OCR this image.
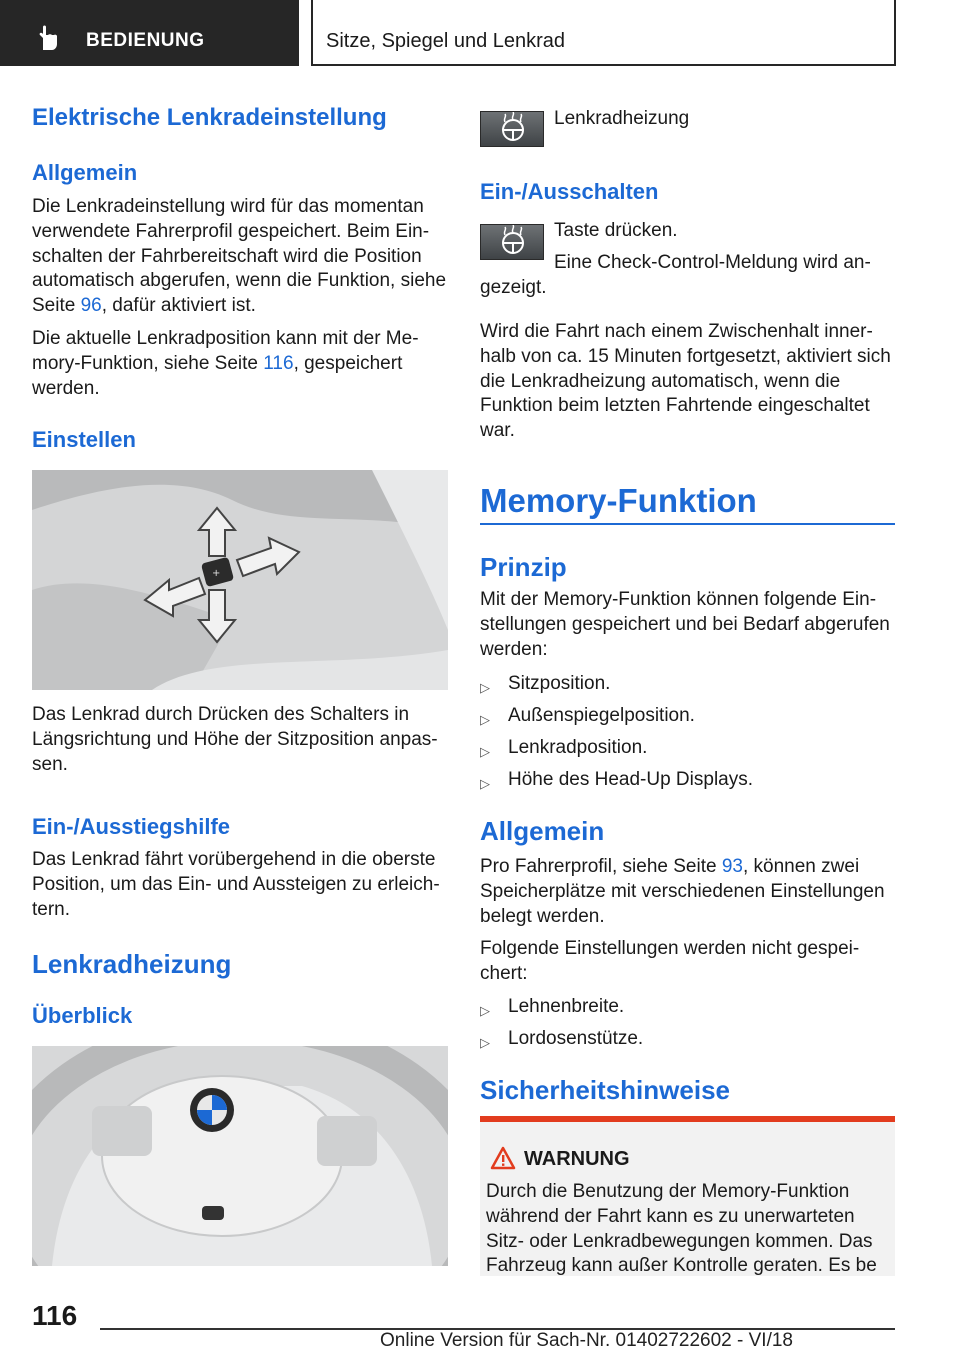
BEDIENUNG	Sitze, Spiegel und Lenkrad
Elektrische Lenkradeinstellung
Allgemein
Die Lenkradeinstellung wird für das momentan verwendete Fahrerprofil gespeichert. Beim Einschalten der Fahrbereitschaft wird die Position automatisch abgerufen, wenn die Funktion, siehe Seite 96, dafür aktiviert ist.
Die aktuelle Lenkradposition kann mit der Memory-Funktion, siehe Seite 116, gespeichert werden.
Einstellen
+
Das Lenkrad durch Drücken des Schalters in Längsrichtung und Höhe der Sitzposition anpassen.
Ein-/Ausstiegshilfe
Das Lenkrad fährt vorübergehend in die oberste Position, um das Ein- und Aussteigen zu erleichtern.
Lenkradheizung
Überblick
Lenkradheizung
Ein-/Ausschalten
Taste drücken.
Eine Check-Control-Meldung wird angezeigt.
Wird die Fahrt nach einem Zwischenhalt innerhalb von ca. 15 Minuten fortgesetzt, aktiviert sich die Lenkradheizung automatisch, wenn die Funktion beim letzten Fahrtende eingeschaltet war.
Memory-Funktion
Prinzip
Mit der Memory-Funktion können folgende Einstellungen gespeichert und bei Bedarf abgerufen werden:
▷ Sitzposition.
▷ Außenspiegelposition.
▷ Lenkradposition.
▷ Höhe des Head-Up Displays.
Allgemein
Pro Fahrerprofil, siehe Seite 93, können zwei Speicherplätze mit verschiedenen Einstellungen belegt werden.
Folgende Einstellungen werden nicht gespeichert:
▷ Lehnenbreite.
▷ Lordosenstütze.
Sicherheitshinweise
WARNUNG
Durch die Benutzung der Memory-Funktion während der Fahrt kann es zu unerwarteten Sitz- oder Lenkradbewegungen kommen. Das Fahrzeug kann außer Kontrolle geraten. Es be
116
Online Version für Sach-Nr. 01402722602 - VI/18
